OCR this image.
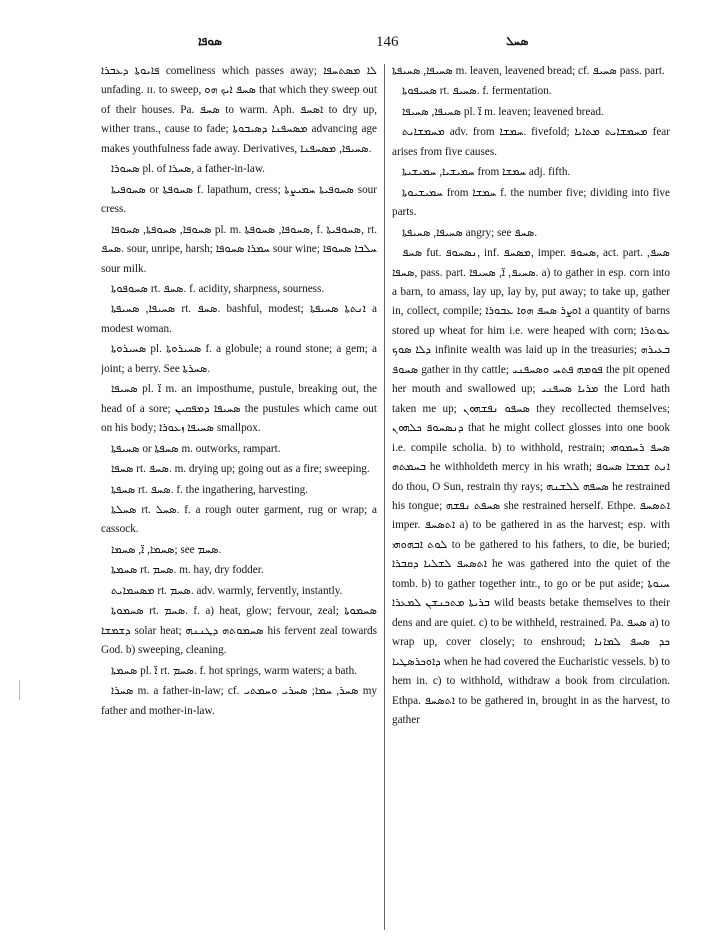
ܣܘܦܐ	146	ܣܚܠ

ܦܐܝܘܬܐ ܕܥܒܪܐ comeliness which passes away; ܠܐ ܡܣܬܚܦܐ unfading. ɪɪ. to sweep, ܣܚܦ ܐܝܟ ܗܘ that which they sweep out of their houses. Pa. ܣܚܦ to warm. Aph. ܐܣܚܦ to dry up, wither trans., cause to fade; ܡܣܚܦܢܐ ܕܣܝܒܘܬܐ advancing age makes youthfulness fade away. Derivatives, ܣܚܝܦܐ, ܡܣܚܦܢܐ.

ܣܚܘܪܐ pl. of ܣܚܪܐ, a father-in-law.

ܣܚܘܦܝܬܐ or ܣܚܘܦܬܐ f. lapathum, cress; ܣܚܘܦܝܬܐ ܚܡܝܨܬܐ sour cress.

ܣܚܘܦܐ, ܣܚܘܦܬܐ, ܣܚܘܦܐ pl. m. ܣܚܘܦܐ, ܣܚܘܦܬܐ, f. ܣܚܘܦܝܬܐ, rt. ܣܚܦ. sour, unripe, harsh; ܚܡܪܐ ܣܚܘܦܐ sour wine; ܚܠܒܐ ܣܚܘܦܐ sour milk.

ܣܚܘܦܘܬܐ rt. ܣܚܦ. f. acidity, sharpness, sourness.

ܣܚܝܦܐ, ܣܚܝܦܬܐ rt. ܣܚܦ. bashful, modest; ܐܢܬܬܐ ܣܚܝܦܬܐ a modest woman.

ܣܚܝܪܘܬܐ pl. ܣܚܝܪܘܬܐ f. a globule; a round stone; a gem; a joint; a berry. See ܣܚܪܬܐ.

ܣܚܝܦܐ pl. ܐ̈ m. an imposthume, pustule, breaking out, the head of a sore; ܣܚܝܦܐ ܕܡܦܩܝܢ the pustules which came out on his body; ܣܚܝܦܐ ܙܥܘܪܐ smallpox.

ܣܚܝܦܬܐ or ܣܚܦܬܐ m. outworks, rampart.

ܣܚܦܐ rt. ܣܚܦ. m. drying up; going out as a fire; sweeping.

ܣܚܦܬܐ rt. ܣܚܦ. f. the ingathering, harvesting.

ܣܚܠܬܐ rt. ܣܚܠ. f. a rough outer garment, rug or wrap; a cassock.

ܣܚܡܐ, ܐ̈, ܣܚܡܐ; see ܣܚܡ.

ܣܚܡܬܐ rt. ܣܚܡ. m. hay, dry fodder.

ܡܣܚܡܐܝܬ rt. ܣܚܡ. adv. warmly, fervently, instantly.

ܣܚܡܘܬܐ rt. ܣܚܡ. f. a) heat, glow; fervour, zeal; ܣܚܡܘܬܐ ܕܫܡܫܐ solar heat; ܣܚܡܘܬܗ ܕܛܢܢܗ his fervent zeal towards God. b) sweeping, cleaning.

ܣܚܡܬܐ pl. ܐ̈ rt. ܣܚܡ. f. hot springs, warm waters; a bath.

ܣܚܪܐ m. a father-in-law; cf. ܣܚܪ, ܚܡܐ; ܣܚܪܝ ܘܚܡܬܝ my father and mother-in-law.

ܣܚܝܦܐ, ܣܚܝܦܬܐ m. leaven, leavened bread; cf. ܣܚܝܦ pass. part.

ܣܚܝܦܘܬܐ rt. ܣܚܝܦ. f. fermentation.

ܣܚܝܦܐ, ܣܚܝܦܐ pl. ܐ̈ m. leaven; leavened bread.

ܡܚܡܫܐܝܬ adv. from ܚܡܫܐ. fivefold; ܡܚܡܫܐܝܬ ܡܬܐܝܐ fear arises from five causes.

ܚܡܝܫܝܐ, ܚܡܝܫܝܬܐ from ܚܡܫܐ adj. fifth.

ܚܡܝܫܝܘܬܐ from ܚܡܫܐ f. the number five; dividing into five parts.

ܣܚܝܦܐ, ܣܚܝܦܬܐ angry; see ܣܚܦ.

ܣܚܦ fut. ܢܣܚܘܦ, inf. ܡܣܚܦ, imper. ܣܚܘܦ, act. part. ܣܚܦ, ܣܚܦܐ, pass. part. ܣܚܝܦ, ܐ̈, ܣܚܝܦܐ. a) to gather in esp. corn into a barn, to amass, lay up, lay by, put away; to take up, gather in, collect, compile; ܐܘܨܪ ܣܚܦ ܗܘܐ ܥܒܘܪܐ a quantity of barns stored up wheat for him i.e. were heaped with corn; ܥܘܬܪܐ ܕܠܐ ܣܘܟ infinite wealth was laid up in the treasuries; ܒܥܝܪܗ ܣܚܘܦ gather in thy cattle; ܦܘܡܗ ܦܬܚ ܘܣܚܦܢܝ the pit opened her mouth and swallowed up; ܡܪܝܐ ܣܚܦܢܝ the Lord hath taken me up; ܣܚܦܘ ܢܦܫܗܘܢ they recollected themselves; ܕܢܣܚܘܦ ܟܠܗܘܢ that he might collect glosses into one book i.e. compile scholia. b) to withhold, restrain; ܣܚܦ ܪܚܡܘܗܝ ܒܚܡܬܗ he withholdeth mercy in his wrath; ܐܢܬ ܫܡܫܐ ܣܚܘܦ do thou, O Sun, restrain thy rays; ܣܚܦܗ ܠܠܫܢܗ he restrained his tongue; ܣܚܦܬ ܢܦܫܗ she restrained herself. Ethpe. ܐܬܣܚܦ imper. ܐܬܣܚܦ a) to be gathered in as the harvest; esp. with ܠܘܬ ܐܒܗܘܗܝ to be gathered to his fathers, to die, be buried; ܐܬܣܚܦ ܠܫܠܝܐ ܕܩܒܪܐ he was gathered into the quiet of the tomb. b) to gather together intr., to go or be put aside; ܚܝܘܬܐ ܒܪܝܬܐ ܡܬܟܢܫܢ ܠܡܥܪܐ wild beasts betake themselves to their dens and are quiet. c) to be withheld, restrained. Pa. ܣܚܦ a) to wrap up, cover closely; to enshroud; ܟܕ ܣܚܦ ܠܡܐܢܐ ܕܐܘܟܪܣܛܝܐ when he had covered the Eucharistic vessels. b) to hem in. c) to withhold, withdraw a book from circulation. Ethpa. ܐܬܣܚܦ to be gathered in, brought in as the harvest, to gather
